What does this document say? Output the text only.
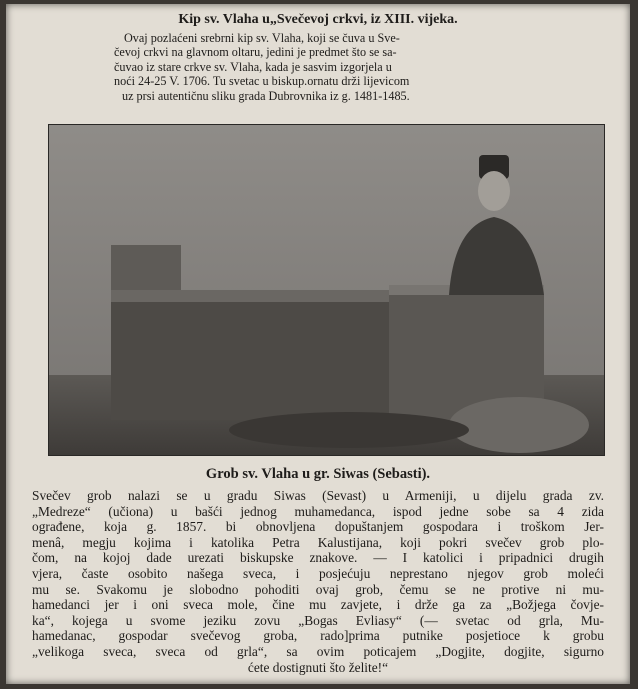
Kip sv. Vlaha u„Svečevoj crkvi, iz XIII. vijeka.
Ovaj pozlaćeni srebrni kip sv. Vlaha, koji se čuva u Sve-
čevoj crkvi na glavnom oltaru, jedini je predmet što se sa-
čuvao iz stare crkve sv. Vlaha, kada je sasvim izgorjela u
noći 24-25 V. 1706. Tu svetac u biskup.ornatu drži lijevicom
uz prsi autentičnu sliku grada Dubrovnika iz g. 1481-1485.
Grob sv. Vlaha u gr. Siwas (Sebasti).
Svečev grob nalazi se u gradu Siwas (Sevast) u Armeniji, u dijelu grada zv.
„Medreze“ (učiona) u bašći jednog muhamedanca, ispod jedne sobe sa 4 zida
ograđene, koja g. 1857. bi obnovljena dopuštanjem gospodara i troškom Jer-
menâ, megju kojima i katolika Petra Kalustijana, koji pokri svečev grob plo-
čom, na kojoj dade urezati biskupske znakove. — I katolici i pripadnici drugih
vjera, časte osobito našega sveca, i posjećuju neprestano njegov grob moleći
mu se. Svakomu je slobodno pohoditi ovaj grob, čemu se ne protive ni mu-
hamedanci jer i oni sveca mole, čine mu zavjete, i drže ga za „Božjega čovje-
ka“, kojega u svome jeziku zovu „Bogas Evliasy“ (— svetac od grla, Mu-
hamedanac, gospodar svečevog groba, rado]prima putnike posjetioce k grobu
„velikoga sveca, sveca od grla“, sa ovim poticajem „Dogjite, dogjite, sigurno
ćete dostignuti što želite!“
